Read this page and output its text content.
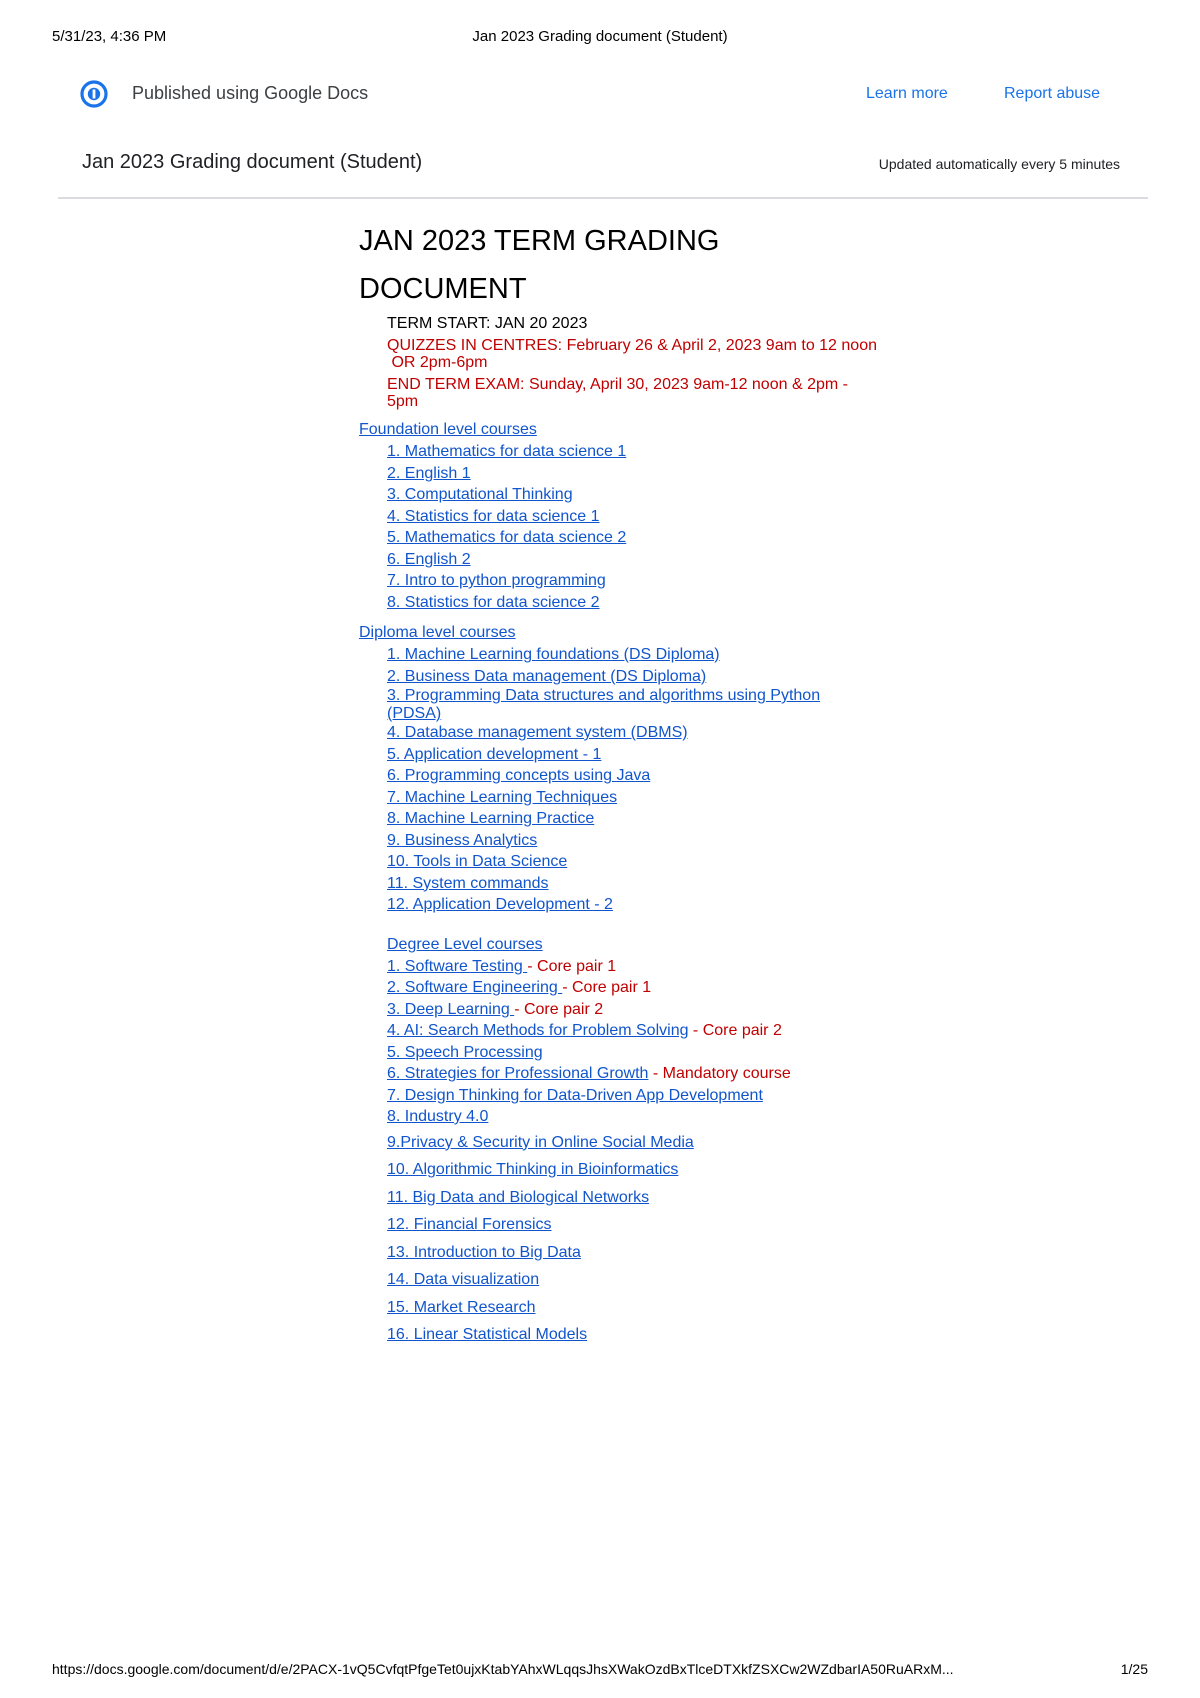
5/31/23, 4:36 PM	Jan 2023 Grading document (Student)
Published using Google Docs	Learn more	Report abuse
Jan 2023 Grading document (Student)	Updated automatically every 5 minutes
JAN 2023 TERM GRADING
DOCUMENT

TERM START: JAN 20 2023

QUIZZES IN CENTRES: February 26 & April 2, 2023 9am to 12 noon
OR 2pm-6pm

END TERM EXAM: Sunday, April 30, 2023 9am-12 noon & 2pm -
5pm

Foundation level courses
1. Mathematics for data science 1
2. English 1
3. Computational Thinking
4. Statistics for data science 1
5. Mathematics for data science 2
6. English 2
7. Intro to python programming
8. Statistics for data science 2
Diploma level courses
1. Machine Learning foundations (DS Diploma)
2. Business Data management (DS Diploma)
3. Programming Data structures and algorithms using Python
(PDSA)
4. Database management system (DBMS)
5. Application development - 1
6. Programming concepts using Java
7. Machine Learning Techniques
8. Machine Learning Practice
9. Business Analytics
10. Tools in Data Science
11. System commands
12. Application Development - 2
Degree Level courses
1. Software Testing - Core pair 1
2. Software Engineering - Core pair 1
3. Deep Learning - Core pair 2
4. AI: Search Methods for Problem Solving - Core pair 2
5. Speech Processing
6. Strategies for Professional Growth - Mandatory course
7. Design Thinking for Data-Driven App Development
8. Industry 4.0
9.Privacy & Security in Online Social Media
10. Algorithmic Thinking in Bioinformatics
11. Big Data and Biological Networks
12. Financial Forensics
13. Introduction to Big Data
14. Data visualization
15. Market Research
16. Linear Statistical Models
https://docs.google.com/document/d/e/2PACX-1vQ5CvfqtPfgeTet0ujxKtabYAhxWLqqsJhsXWakOzdBxTlceDTXkfZSXCw2WZdbarIA50RuARxM...	1/25
